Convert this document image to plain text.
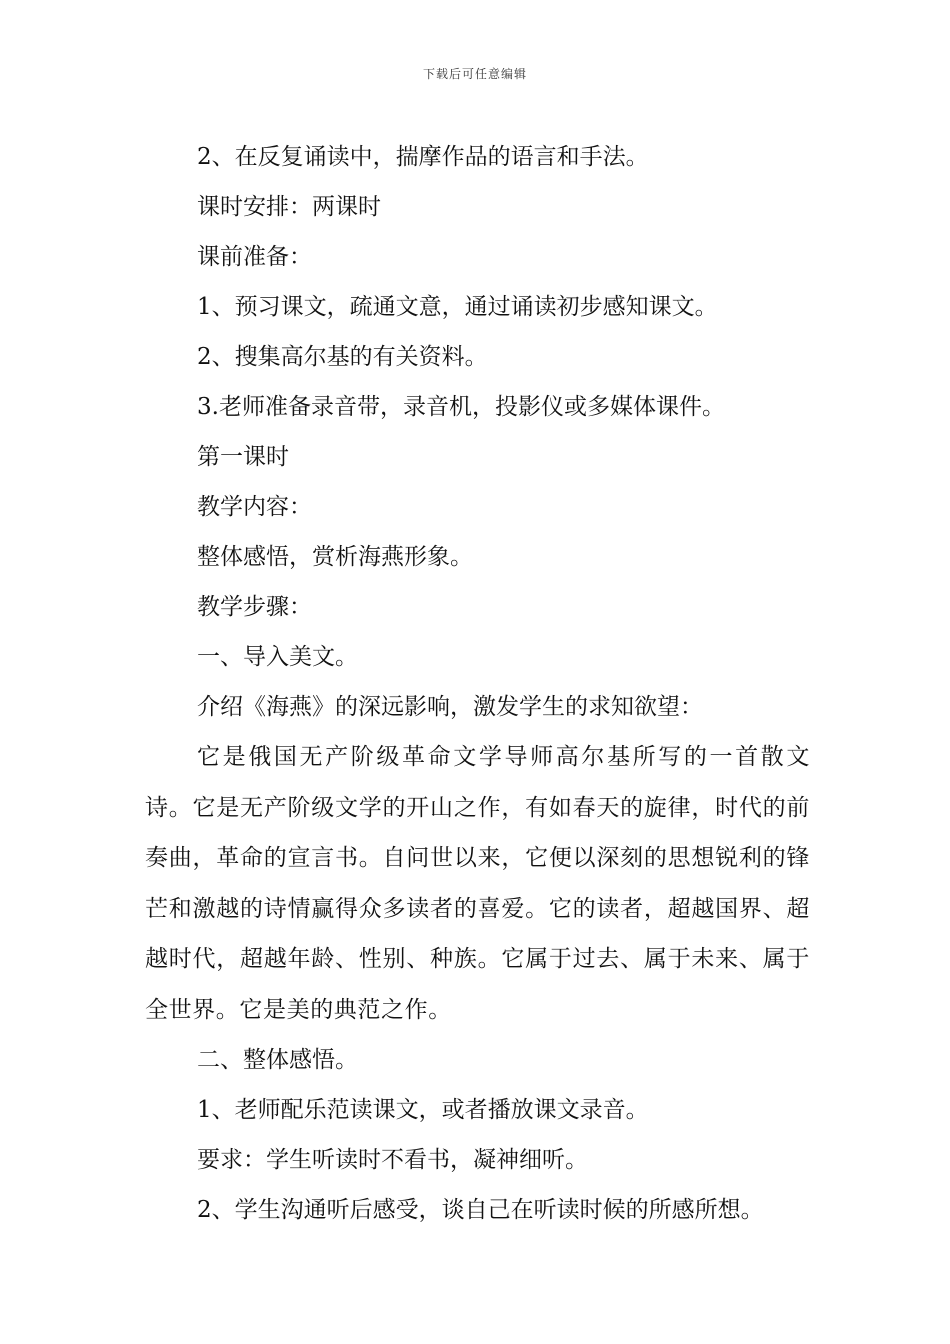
下载后可任意编辑
2、在反复诵读中，揣摩作品的语言和手法。
课时安排：两课时
课前准备：
1、预习课文，疏通文意，通过诵读初步感知课文。
2、搜集高尔基的有关资料。
3.老师准备录音带，录音机，投影仪或多媒体课件。
第一课时
教学内容：
整体感悟，赏析海燕形象。
教学步骤：
一、导入美文。
介绍《海燕》的深远影响，激发学生的求知欲望：
它是俄国无产阶级革命文学导师高尔基所写的一首散文诗。它是无产阶级文学的开山之作，有如春天的旋律，时代的前奏曲，革命的宣言书。自问世以来，它便以深刻的思想锐利的锋芒和激越的诗情赢得众多读者的喜爱。它的读者，超越国界、超越时代，超越年龄、性别、种族。它属于过去、属于未来、属于全世界。它是美的典范之作。
二、整体感悟。
1、老师配乐范读课文，或者播放课文录音。
要求：学生听读时不看书，凝神细听。
2、学生沟通听后感受，谈自己在听读时候的所感所想。
